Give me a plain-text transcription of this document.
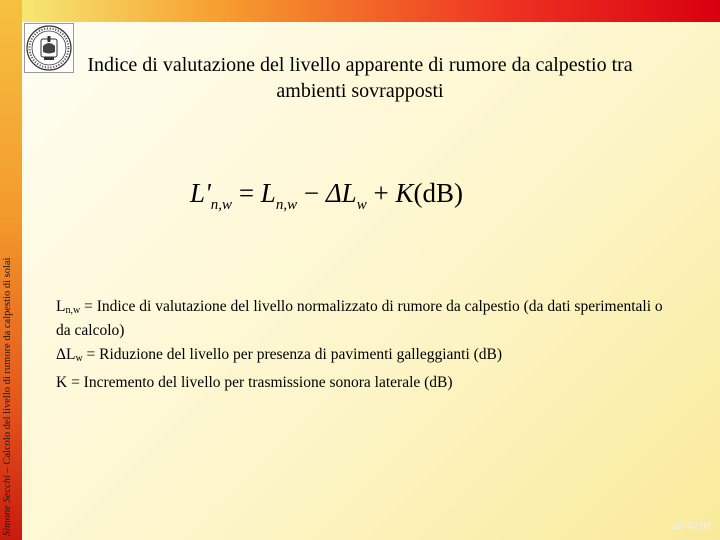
Simone Secchi – Calcolo del livello di rumore da calpestio di solai
Indice di valutazione del livello apparente di rumore da calpestio tra ambienti sovrapposti
$L'_{n,w} = L_{n,w} - \Delta L_w + K(dB)$

$L_{n,w}$ = Indice di valutazione del livello normalizzato di rumore da calpestio (da dati sperimentali o da calcolo)

$\Delta L_w$ = Riduzione del livello per presenza di pavimenti galleggianti (dB)

K = Incremento del livello per trasmissione sonora laterale (dB)

10:40:03
